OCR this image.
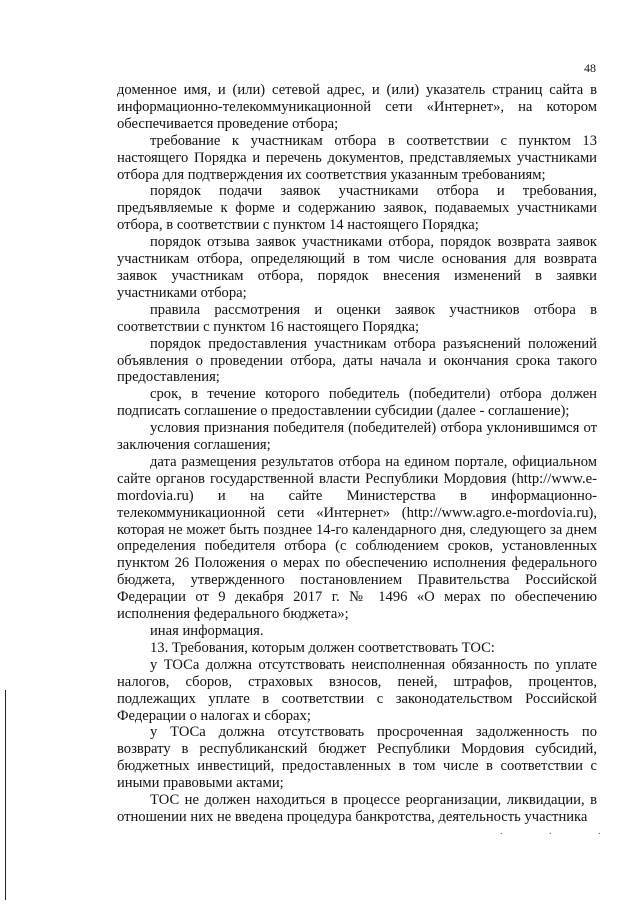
48

доменное имя, и (или) сетевой адрес, и (или) указатель страниц сайта в информационно-телекоммуникационной сети «Интернет», на котором обеспечивается проведение отбора;

требование к участникам отбора в соответствии с пунктом 13 настоящего Порядка и перечень документов, представляемых участниками отбора для подтверждения их соответствия указанным требованиям;

порядок подачи заявок участниками отбора и требования, предъявляемые к форме и содержанию заявок, подаваемых участниками отбора, в соответствии с пунктом 14 настоящего Порядка;

порядок отзыва заявок участниками отбора, порядок возврата заявок участникам отбора, определяющий в том числе основания для возврата заявок участникам отбора, порядок внесения изменений в заявки участниками отбора;

правила рассмотрения и оценки заявок участников отбора в соответствии с пунктом 16 настоящего Порядка;

порядок предоставления участникам отбора разъяснений положений объявления о проведении отбора, даты начала и окончания срока такого предоставления;

срок, в течение которого победитель (победители) отбора должен подписать соглашение о предоставлении субсидии (далее - соглашение);

условия признания победителя (победителей) отбора уклонившимся от заключения соглашения;

дата размещения результатов отбора на едином портале, официальном сайте органов государственной власти Республики Мордовия (http://www.e-mordovia.ru) и на сайте Министерства в информационно-телекоммуникационной сети «Интернет» (http://www.agro.e-mordovia.ru), которая не может быть позднее 14-го календарного дня, следующего за днем определения победителя отбора (с соблюдением сроков, установленных пунктом 26 Положения о мерах по обеспечению исполнения федерального бюджета, утвержденного постановлением Правительства Российской Федерации от 9 декабря 2017 г. № 1496 «О мерах по обеспечению исполнения федерального бюджета»;

иная информация.

13. Требования, которым должен соответствовать ТОС:

у ТОСа должна отсутствовать неисполненная обязанность по уплате налогов, сборов, страховых взносов, пеней, штрафов, процентов, подлежащих уплате в соответствии с законодательством Российской Федерации о налогах и сборах;

у ТОСа должна отсутствовать просроченная задолженность по возврату в республиканский бюджет Республики Мордовия субсидий, бюджетных инвестиций, предоставленных в том числе в соответствии с иными правовыми актами;

ТОС не должен находиться в процессе реорганизации, ликвидации, в отношении них не введена процедура банкротства, деятельность участника

. . .
